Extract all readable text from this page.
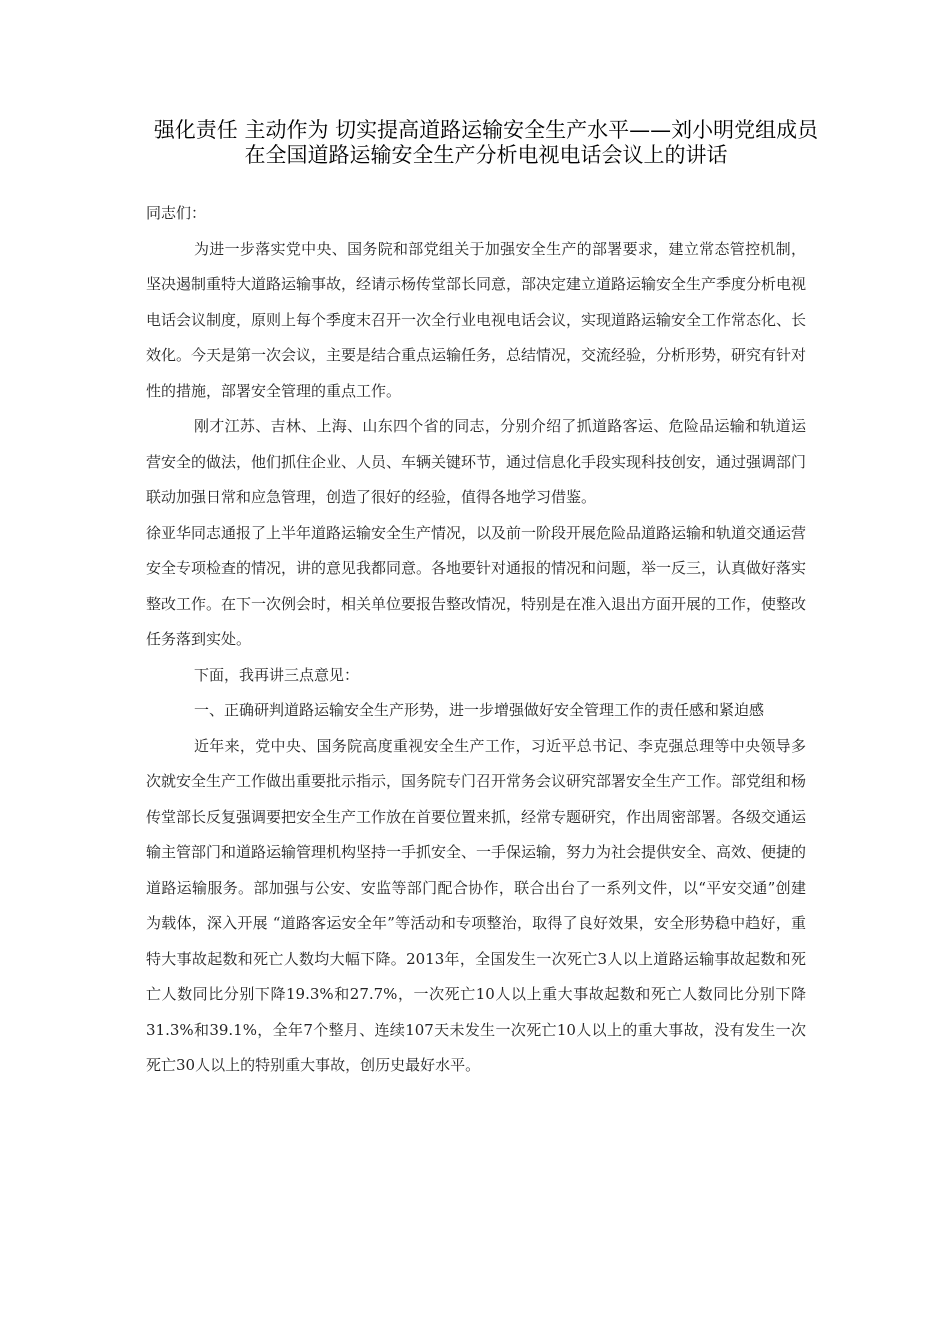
强化责任 主动作为 切实提高道路运输安全生产水平——刘小明党组成员在全国道路运输安全生产分析电视电话会议上的讲话

同志们：

为进一步落实党中央、国务院和部党组关于加强安全生产的部署要求，建立常态管控机制，坚决遏制重特大道路运输事故，经请示杨传堂部长同意，部决定建立道路运输安全生产季度分析电视电话会议制度，原则上每个季度末召开一次全行业电视电话会议，实现道路运输安全工作常态化、长效化。今天是第一次会议，主要是结合重点运输任务，总结情况，交流经验，分析形势，研究有针对性的措施，部署安全管理的重点工作。

刚才江苏、吉林、上海、山东四个省的同志，分别介绍了抓道路客运、危险品运输和轨道运营安全的做法，他们抓住企业、人员、车辆关键环节，通过信息化手段实现科技创安，通过强调部门联动加强日常和应急管理，创造了很好的经验，值得各地学习借鉴。

徐亚华同志通报了上半年道路运输安全生产情况，以及前一阶段开展危险品道路运输和轨道交通运营安全专项检查的情况，讲的意见我都同意。各地要针对通报的情况和问题，举一反三，认真做好落实整改工作。在下一次例会时，相关单位要报告整改情况，特别是在准入退出方面开展的工作，使整改任务落到实处。

下面，我再讲三点意见：

一、正确研判道路运输安全生产形势，进一步增强做好安全管理工作的责任感和紧迫感

近年来，党中央、国务院高度重视安全生产工作，习近平总书记、李克强总理等中央领导多次就安全生产工作做出重要批示指示，国务院专门召开常务会议研究部署安全生产工作。部党组和杨传堂部长反复强调要把安全生产工作放在首要位置来抓，经常专题研究，作出周密部署。各级交通运输主管部门和道路运输管理机构坚持一手抓安全、一手保运输，努力为社会提供安全、高效、便捷的道路运输服务。部加强与公安、安监等部门配合协作，联合出台了一系列文件，以“平安交通”创建为载体，深入开展 “道路客运安全年”等活动和专项整治，取得了良好效果，安全形势稳中趋好，重特大事故起数和死亡人数均大幅下降。2013年，全国发生一次死亡3人以上道路运输事故起数和死亡人数同比分别下降19.3%和27.7%，一次死亡10人以上重大事故起数和死亡人数同比分别下降31.3%和39.1%，全年7个整月、连续107天未发生一次死亡10人以上的重大事故，没有发生一次死亡30人以上的特别重大事故，创历史最好水平。
